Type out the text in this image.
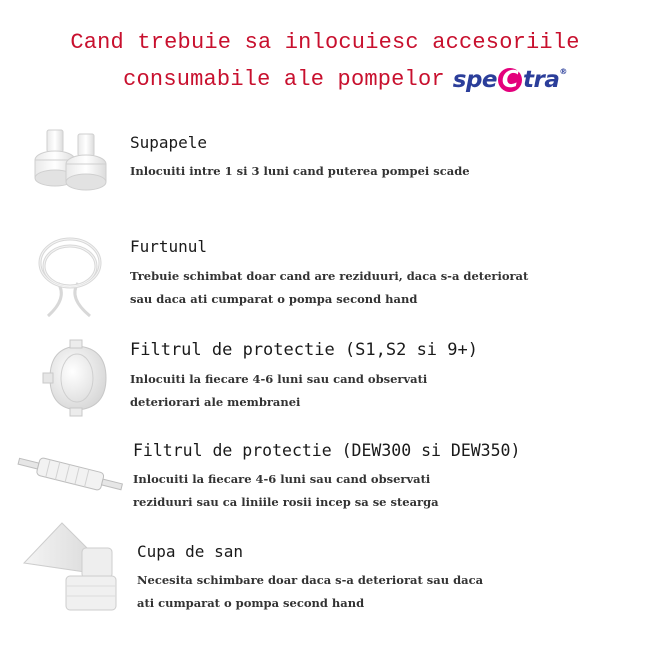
Cand trebuie sa inlocuiesc accesoriile
consumabile ale pompelor spe C tra®
Supapele
Inlocuiti intre 1 si 3 luni cand puterea pompei scade
Furtunul
Trebuie schimbat doar cand are reziduuri, daca s-a deteriorat
sau daca ati cumparat o pompa second hand
Filtrul de protectie (S1,S2 si 9+)
Inlocuiti la fiecare 4-6 luni sau cand observati
deteriorari ale membranei
Filtrul de protectie (DEW300 si DEW350)
Inlocuiti la fiecare 4-6 luni sau cand observati
reziduuri sau ca liniile rosii incep sa se stearga
Cupa de san
Necesita schimbare doar daca s-a deteriorat sau daca
ati cumparat o pompa second hand
